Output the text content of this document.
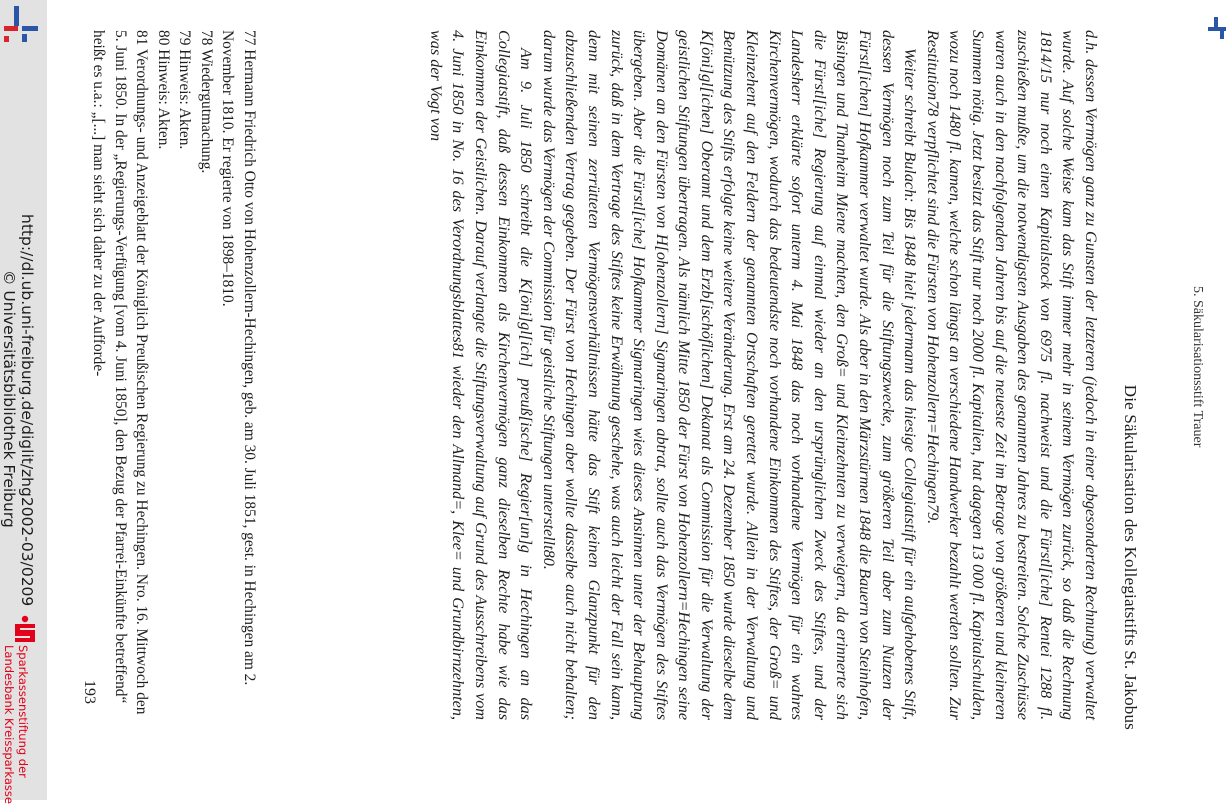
http://dl.ub.uni-freiburg.de/diglit/zhg2002-03/0209
© Universitätsbibliothek Freiburg
Sparkassenstiftung der
Landesbank Kreissparkasse
5. Säkularisationsstift Trauer
Die Säkularisation des Kollegiatstifts St. Jakobus

d.h. dessen Vermögen ganz zu Gunsten der letzteren (jedoch in einer abgesonderten Rechnung) verwaltet wurde. Auf solche Weise kam das Stift immer mehr in seinem Vermögen zurück, so daß die Rechnung 1814/15 nur noch einen Kapitalstock von 6975 fl. nachweist und die Fürstl[iche] Rentei 1288 fl. zuschießen mußte, um die notwendigsten Ausgaben des genannten Jahres zu bestreiten. Solche Zuschüsse waren auch in den nachfolgenden Jahren bis auf die neueste Zeit im Betrage von größeren und kleineren Summen nötig. Jetzt besitzt das Stift nur noch 2000 fl. Kapitalien, hat dagegen 13 000 fl. Kapitalschulden, wozu noch 1480 fl. kamen, welche schon längst an verschiedene Handwerker bezahlt werden sollten. Zur Restitution78 verpflichtet sind die Fürsten von Hohenzollern=Hechingen79.

Weiter schreibt Bulach: Bis 1848 hielt jedermann das hiesige Collegiatstift für ein aufgehobenes Stift, dessen Vermögen noch zum Teil für die Stiftungszwecke, zum größeren Teil aber zum Nutzen der Fürstl[ichen] Hofkammer verwaltet wurde. Als aber in den Märzstürmen 1848 die Bauern von Steinhofen, Bisingen und Thanheim Miene machten, den Groß= und Kleinzehnten zu verweigern, da erinnerte sich die Fürstl[iche] Regierung auf einmal wieder an den ursprünglichen Zweck des Stiftes, und der Landesherr erklärte sofort unterm 4. Mai 1848 das noch vorhandene Vermögen für ein wahres Kirchenvermögen, wodurch das bedeutendste noch vorhandene Einkommen des Stiftes, der Groß= und Kleinzehent auf den Feldern der genannten Ortschaften gerettet wurde. Allein in der Verwaltung und Benützung des Stifts erfolgte keine weitere Veränderung. Erst am 24. Dezember 1850 wurde dieselbe dem K[öni]gl[ichen] Oberamt und dem Erzb[ischöflichen] Dekanat als Commission für die Verwaltung der geistlichen Stiftungen übertragen. Als nämlich Mitte 1850 der Fürst von Hohenzollern=Hechingen seine Domänen an den Fürsten von H[ohenzollern] Sigmaringen abtrat, sollte auch das Vermögen des Stiftes übergeben. Aber die Fürstl[iche] Hofkammer Sigmaringen wies dieses Ansinnen unter der Behauptung zurück, daß in dem Vertrage des Stiftes keine Erwähnung geschehe, was auch leicht der Fall sein kann, denn mit seinen zerrütteten Vermögensverhältnissen hätte das Stift keinen Glanzpunkt für den abzuschließenden Vertrag gegeben. Der Fürst von Hechingen aber wollte dasselbe auch nicht behalten; darum wurde das Vermögen der Commission für geistliche Stiftungen unterstellt80.

Am 9. Juli 1850 schreibt die K[öni]gl[ich] preuß[ische] Regier[un]g in Hechingen an das Collegiatstift, daß dessen Einkommen als Kirchenvermögen ganz dieselben Rechte habe wie das Einkommen der Geistlichen. Darauf verlangte die Stiftungsverwaltung auf Grund des Ausschreibens vom 4. Juni 1850 in No. 16 des Verordnungsblattes81 wieder den Allmand=, Klee= und Grundbirnzehnten, was der Vogt von

77 Hermann Friedrich Otto von Hohenzollern-Hechingen, geb. am 30. Juli 1851, gest. in Hechingen am 2. November 1810. Er regierte von 1898–1810.
78 Wiedergutmachung.
79 Hinweis: Akten.
80 Hinweis: Akten.
81 Verordnungs- und Anzeigeblatt der Königlich Preußischen Regierung zu Hechingen. Nro. 16. Mittwoch den 5. Juni 1850. In der „Regierungs-Verfügung [vom 4. Juni 1850], den Bezug der Pfarrei-Einkünfte betreffend“ heißt es u.a.: „[...] man sieht sich daher zu der Aufforde-
193
